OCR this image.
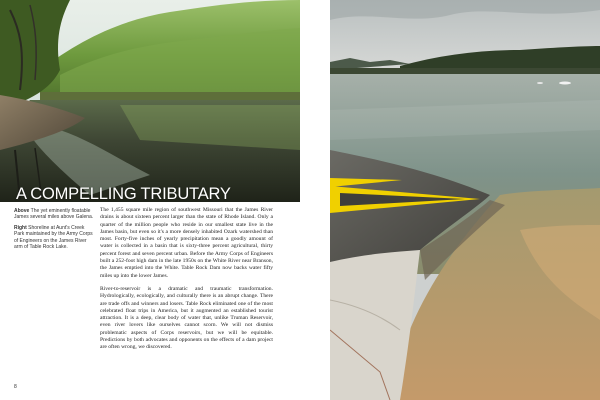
A COMPELLING TRIBUTARY

Above The yet eminently floatable James several miles above Galena.

Right Shoreline at Aunt's Creek Park maintained by the Army Corps of Engineers on the James River arm of Table Rock Lake.

The 1,455 square mile region of southwest Missouri that the James River drains is about sixteen percent larger than the state of Rhode Island. Only a quarter of the million people who reside in our smallest state live in the James basin, but even so it's a more densely inhabited Ozark watershed than most. Forty-five inches of yearly precipitation mean a goodly amount of water is collected in a basin that is sixty-three percent agricultural, thirty percent forest and seven percent urban. Before the Army Corps of Engineers built a 252-foot high dam in the late 1950s on the White River near Branson, the James emptied into the White. Table Rock Dam now backs water fifty miles up into the lower James.

River-to-reservoir is a dramatic and traumatic transformation. Hydrologically, ecologically, and culturally there is an abrupt change. There are trade offs and winners and losers. Table Rock eliminated one of the most celebrated float trips in America, but it augmented an established tourist attraction. It is a deep, clear body of water that, unlike Truman Reservoir, even river lovers like ourselves cannot scorn. We will not dismiss problematic aspects of Corps reservoirs, but we will be equitable. Predictions by both advocates and opponents on the effects of a dam project are often wrong, we discovered.

8
